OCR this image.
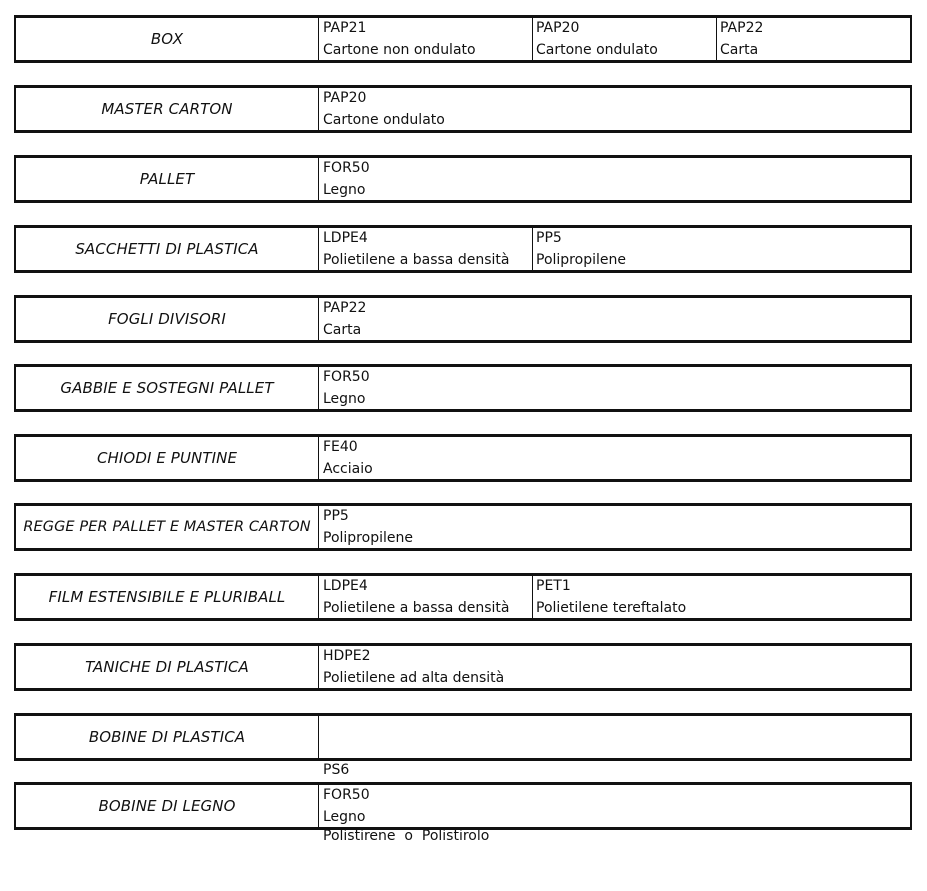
BOX
PAP21
Cartone non ondulato
PAP20
Cartone ondulato
PAP22
Carta
MASTER CARTON
PAP20
Cartone ondulato
PALLET
FOR50
Legno
SACCHETTI DI PLASTICA
LDPE4
Polietilene a bassa densità
PP5
Polipropilene
FOGLI DIVISORI
PAP22
Carta
GABBIE E SOSTEGNI PALLET
FOR50
Legno
CHIODI E PUNTINE
FE40
Acciaio
REGGE PER PALLET E MASTER CARTON
PP5
Polipropilene
FILM ESTENSIBILE E PLURIBALL
LDPE4
Polietilene a bassa densità
PET1
Polietilene tereftalato
TANICHE DI PLASTICA
HDPE2
Polietilene ad alta densità
BOBINE DI PLASTICA

PS6

Polistirene  o  Polistirolo

BOBINE DI LEGNO
FOR50
Legno
